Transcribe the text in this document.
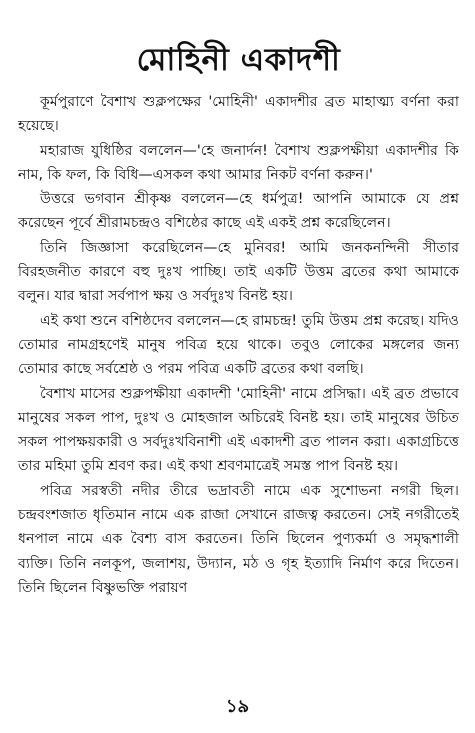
মোহিনী একাদশী

কূর্মপুরাণে বৈশাখ শুক্লপক্ষের 'মোহিনী' একাদশীর ব্রত মাহাত্ম্য বর্ণনা করা হয়েছে।

মহারাজ যুধিষ্ঠির বললেন—'হে জনার্দন! বৈশাখ শুক্লপক্ষীয়া একাদশীর কি নাম, কি ফল, কি বিধি—এসকল কথা আমার নিকট বর্ণনা করুন।'

উত্তরে ভগবান শ্রীকৃষ্ণ বললেন—হে ধর্মপুত্র! আপনি আমাকে যে প্রশ্ন করেছেন পূর্বে শ্রীরামচন্দ্রও বশিষ্ঠের কাছে এই একই প্রশ্ন করেছিলেন।

তিনি জিজ্ঞাসা করেছিলেন—হে মুনিবর! আমি জনকনন্দিনী সীতার বিরহজনীত কারণে বহু দুঃখ পাচ্ছি। তাই একটি উত্তম ব্রতের কথা আমাকে বলুন। যার দ্বারা সর্বপাপ ক্ষয় ও সর্বদুঃখ বিনষ্ট হয়।

এই কথা শুনে বশিষ্ঠদেব বললেন—হে রামচন্দ্র! তুমি উত্তম প্রশ্ন করেছ। যদিও তোমার নামগ্রহণেই মানুষ পবিত্র হয়ে থাকে। তবুও লোকের মঙ্গলের জন্য তোমার কাছে সর্বশ্রেষ্ঠ ও পরম পবিত্র একটি ব্রতের কথা বলছি।

বৈশাখ মাসের শুক্লপক্ষীয়া একাদশী 'মোহিনী' নামে প্রসিদ্ধা। এই ব্রত প্রভাবে মানুষের সকল পাপ, দুঃখ ও মোহজাল অচিরেই বিনষ্ট হয়। তাই মানুষের উচিত সকল পাপক্ষয়কারী ও সর্বদুঃখবিনাশী এই একাদশী ব্রত পালন করা। একাগ্রচিত্তে তার মহিমা তুমি শ্রবণ কর। এই কথা শ্রবণমাত্রেই সমস্ত পাপ বিনষ্ট হয়।

পবিত্র সরস্বতী নদীর তীরে ভদ্রাবতী নামে এক সুশোভনা নগরী ছিল। চন্দ্রবংশজাত ধৃতিমান নামে এক রাজা সেখানে রাজত্ব করতেন। সেই নগরীতেই ধনপাল নামে এক বৈশ্য বাস করতেন। তিনি ছিলেন পুণ্যকর্মা ও সমৃদ্ধশালী ব্যক্তি। তিনি নলকূপ, জলাশয়, উদ্যান, মঠ ও গৃহ ইত্যাদি নির্মাণ করে দিতেন। তিনি ছিলেন বিষ্ণুভক্তি পরায়ণ

১৯
